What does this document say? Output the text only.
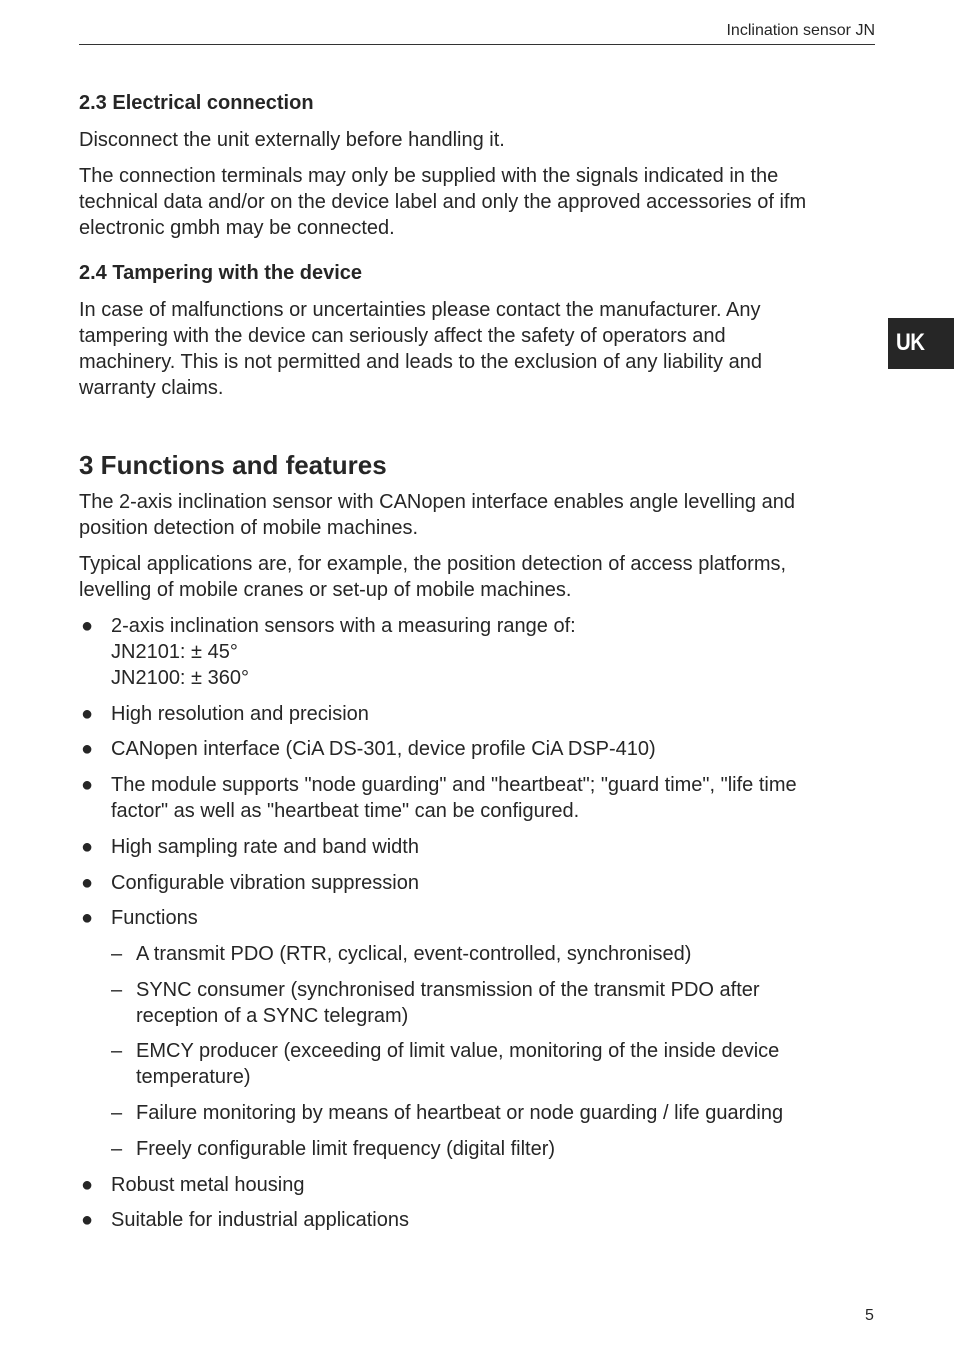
Inclination sensor JN
UK
2.3 Electrical connection
Disconnect the unit externally before handling it.
The connection terminals may only be supplied with the signals indicated in the
technical data and/or on the device label and only the approved accessories of ifm
electronic gmbh may be connected.
2.4 Tampering with the device
In case of malfunctions or uncertainties please contact the manufacturer. Any
tampering with the device can seriously affect the safety of operators and
machinery. This is not permitted and leads to the exclusion of any liability and
warranty claims.
3 Functions and features
The 2-axis inclination sensor with CANopen interface enables angle levelling and
position detection of mobile machines.
Typical applications are, for example, the position detection of access platforms,
levelling of mobile cranes or set-up of mobile machines.
● 2-axis inclination sensors with a measuring range of:
JN2101: ± 45°
JN2100: ± 360°
● High resolution and precision
● CANopen interface (CiA DS-301, device profile CiA DSP-410)
● The module supports "node guarding" and "heartbeat"; "guard time", "life time
factor" as well as "heartbeat time" can be configured.
● High sampling rate and band width
● Configurable vibration suppression
● Functions
– A transmit PDO (RTR, cyclical, event-controlled, synchronised)
– SYNC consumer (synchronised transmission of the transmit PDO after
reception of a SYNC telegram)
– EMCY producer (exceeding of limit value, monitoring of the inside device
temperature)
– Failure monitoring by means of heartbeat or node guarding / life guarding
– Freely configurable limit frequency (digital filter)
● Robust metal housing
● Suitable for industrial applications
5
